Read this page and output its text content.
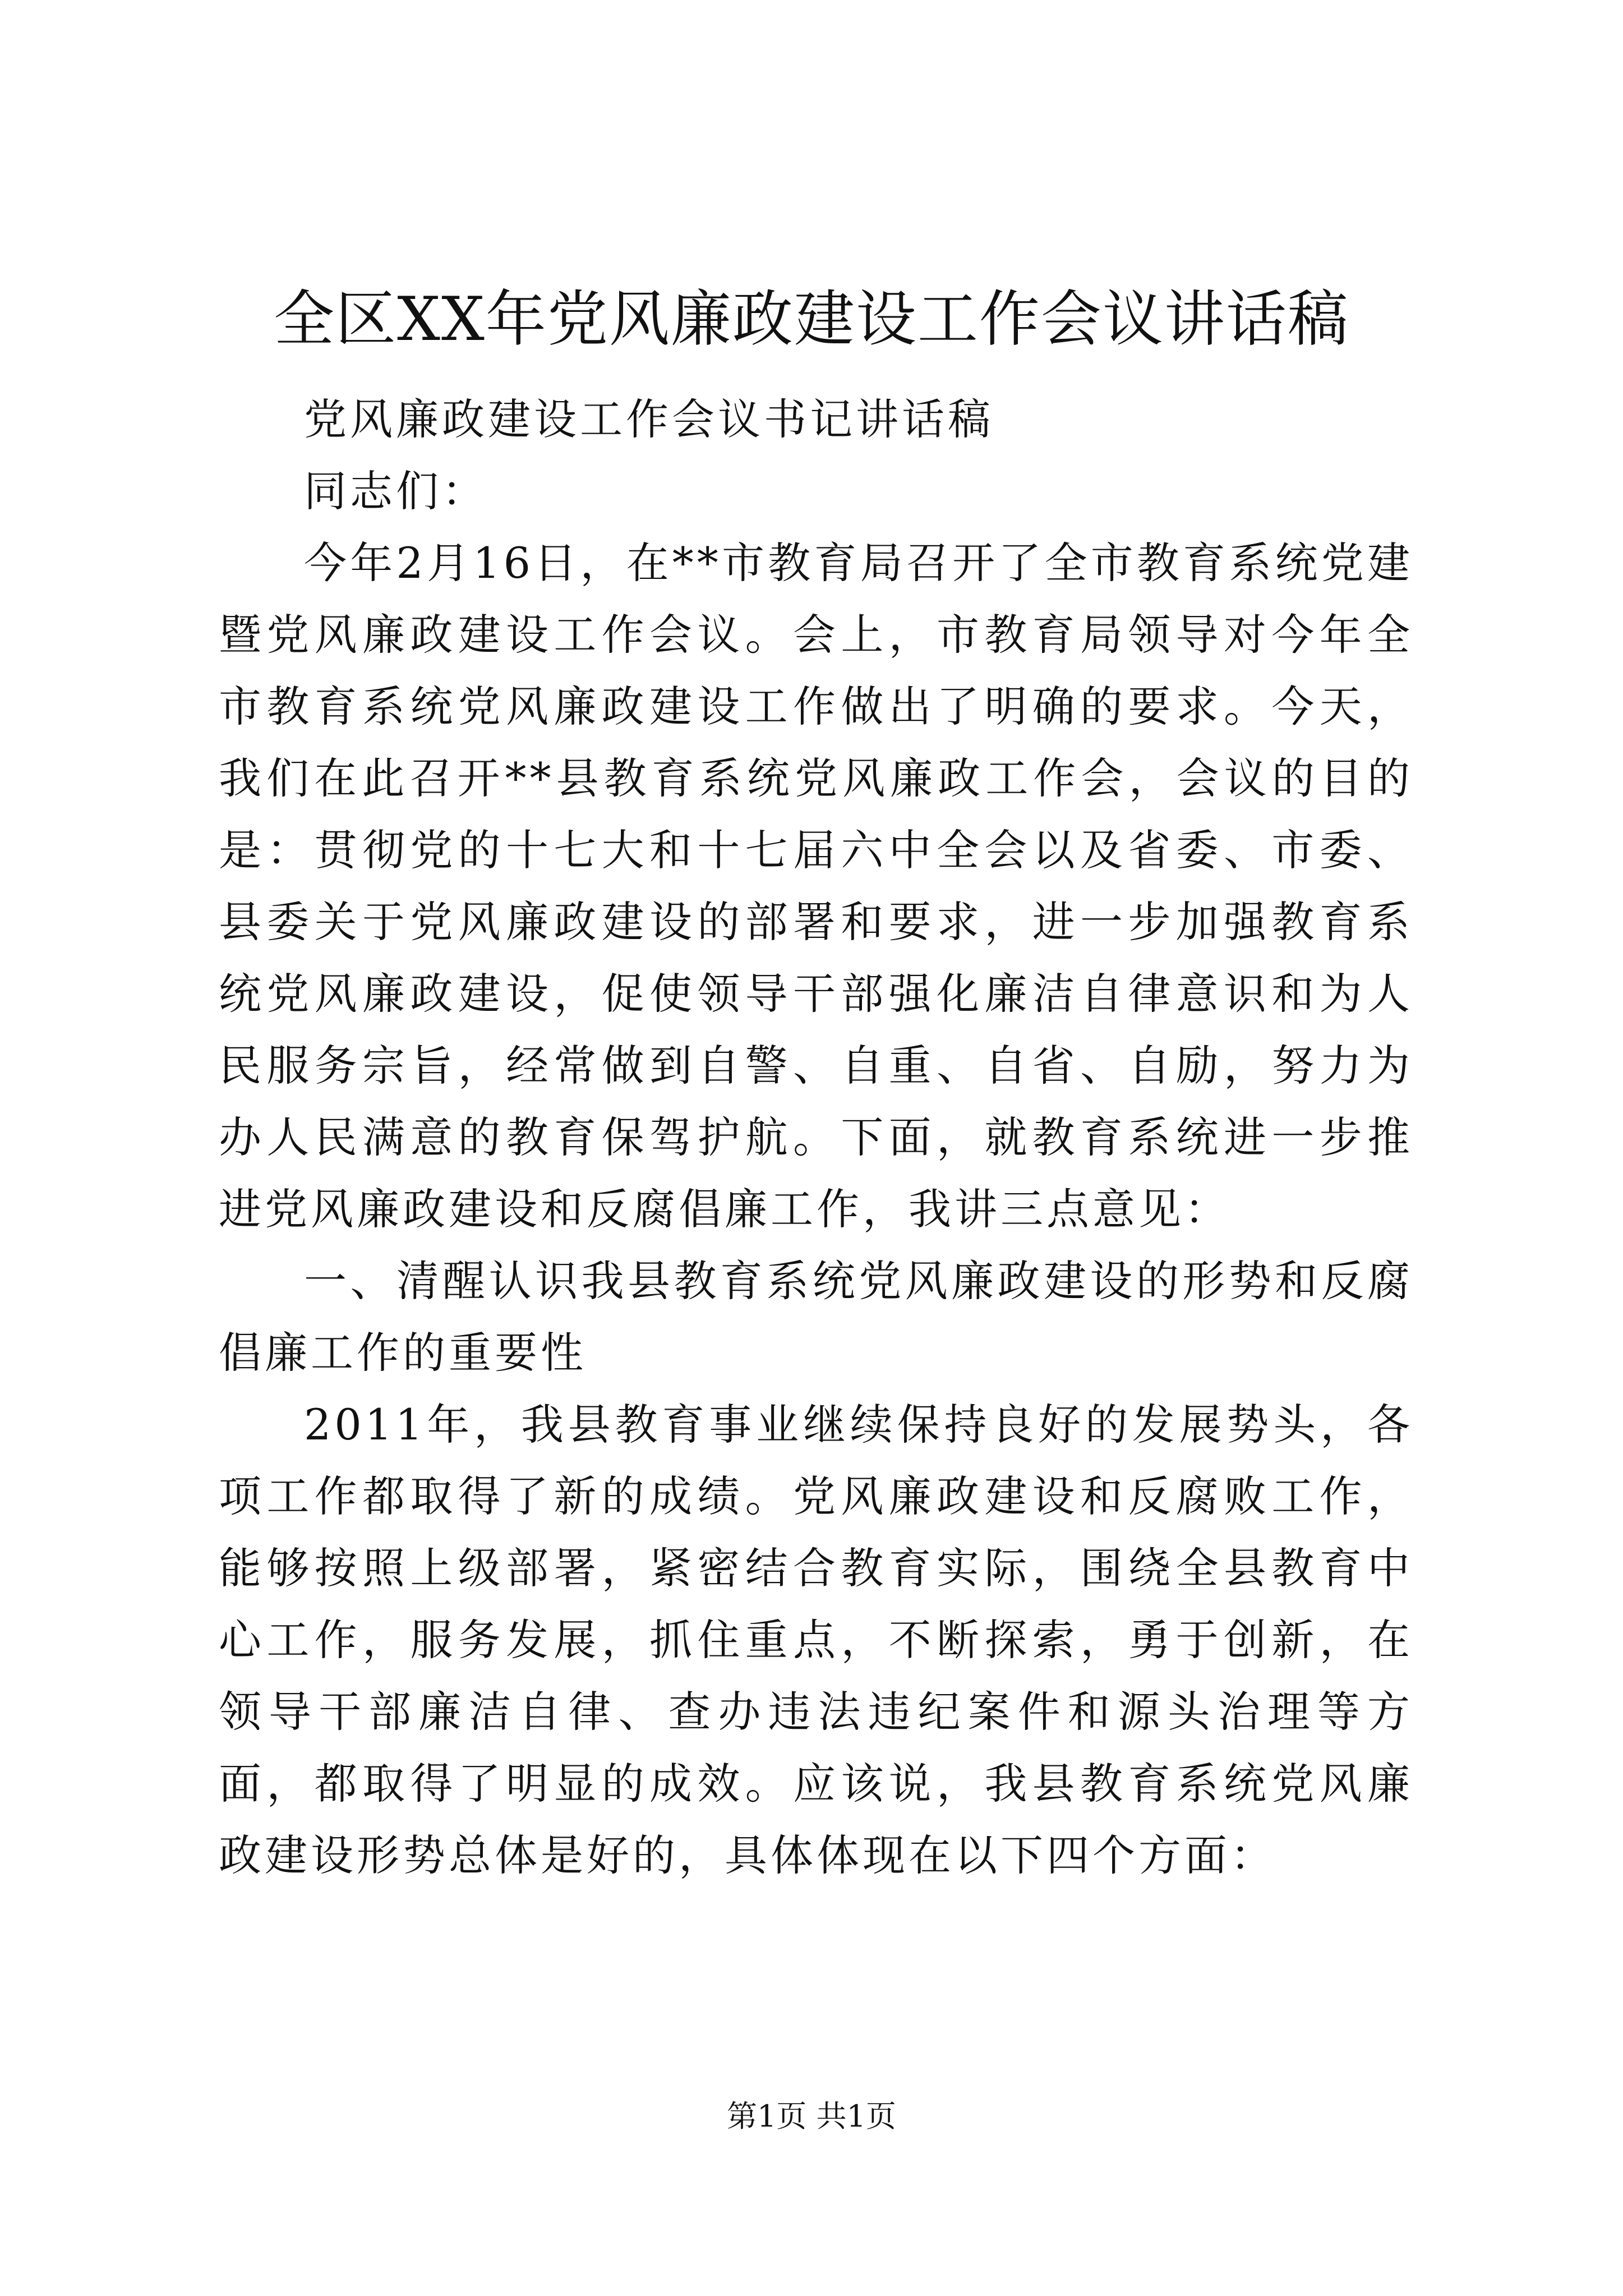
全区XX年党风廉政建设工作会议讲话稿

党风廉政建设工作会议书记讲话稿

同志们：

今年2月16日，在**市教育局召开了全市教育系统党建暨党风廉政建设工作会议。会上，市教育局领导对今年全市教育系统党风廉政建设工作做出了明确的要求。今天，我们在此召开**县教育系统党风廉政工作会，会议的目的是：贯彻党的十七大和十七届六中全会以及省委、市委、县委关于党风廉政建设的部署和要求，进一步加强教育系统党风廉政建设，促使领导干部强化廉洁自律意识和为人民服务宗旨，经常做到自警、自重、自省、自励，努力为办人民满意的教育保驾护航。下面，就教育系统进一步推进党风廉政建设和反腐倡廉工作，我讲三点意见：

一、清醒认识我县教育系统党风廉政建设的形势和反腐倡廉工作的重要性

2011年，我县教育事业继续保持良好的发展势头，各项工作都取得了新的成绩。党风廉政建设和反腐败工作，能够按照上级部署，紧密结合教育实际，围绕全县教育中心工作，服务发展，抓住重点，不断探索，勇于创新，在领导干部廉洁自律、查办违法违纪案件和源头治理等方面，都取得了明显的成效。应该说，我县教育系统党风廉政建设形势总体是好的，具体体现在以下四个方面：

第1页 共1页
